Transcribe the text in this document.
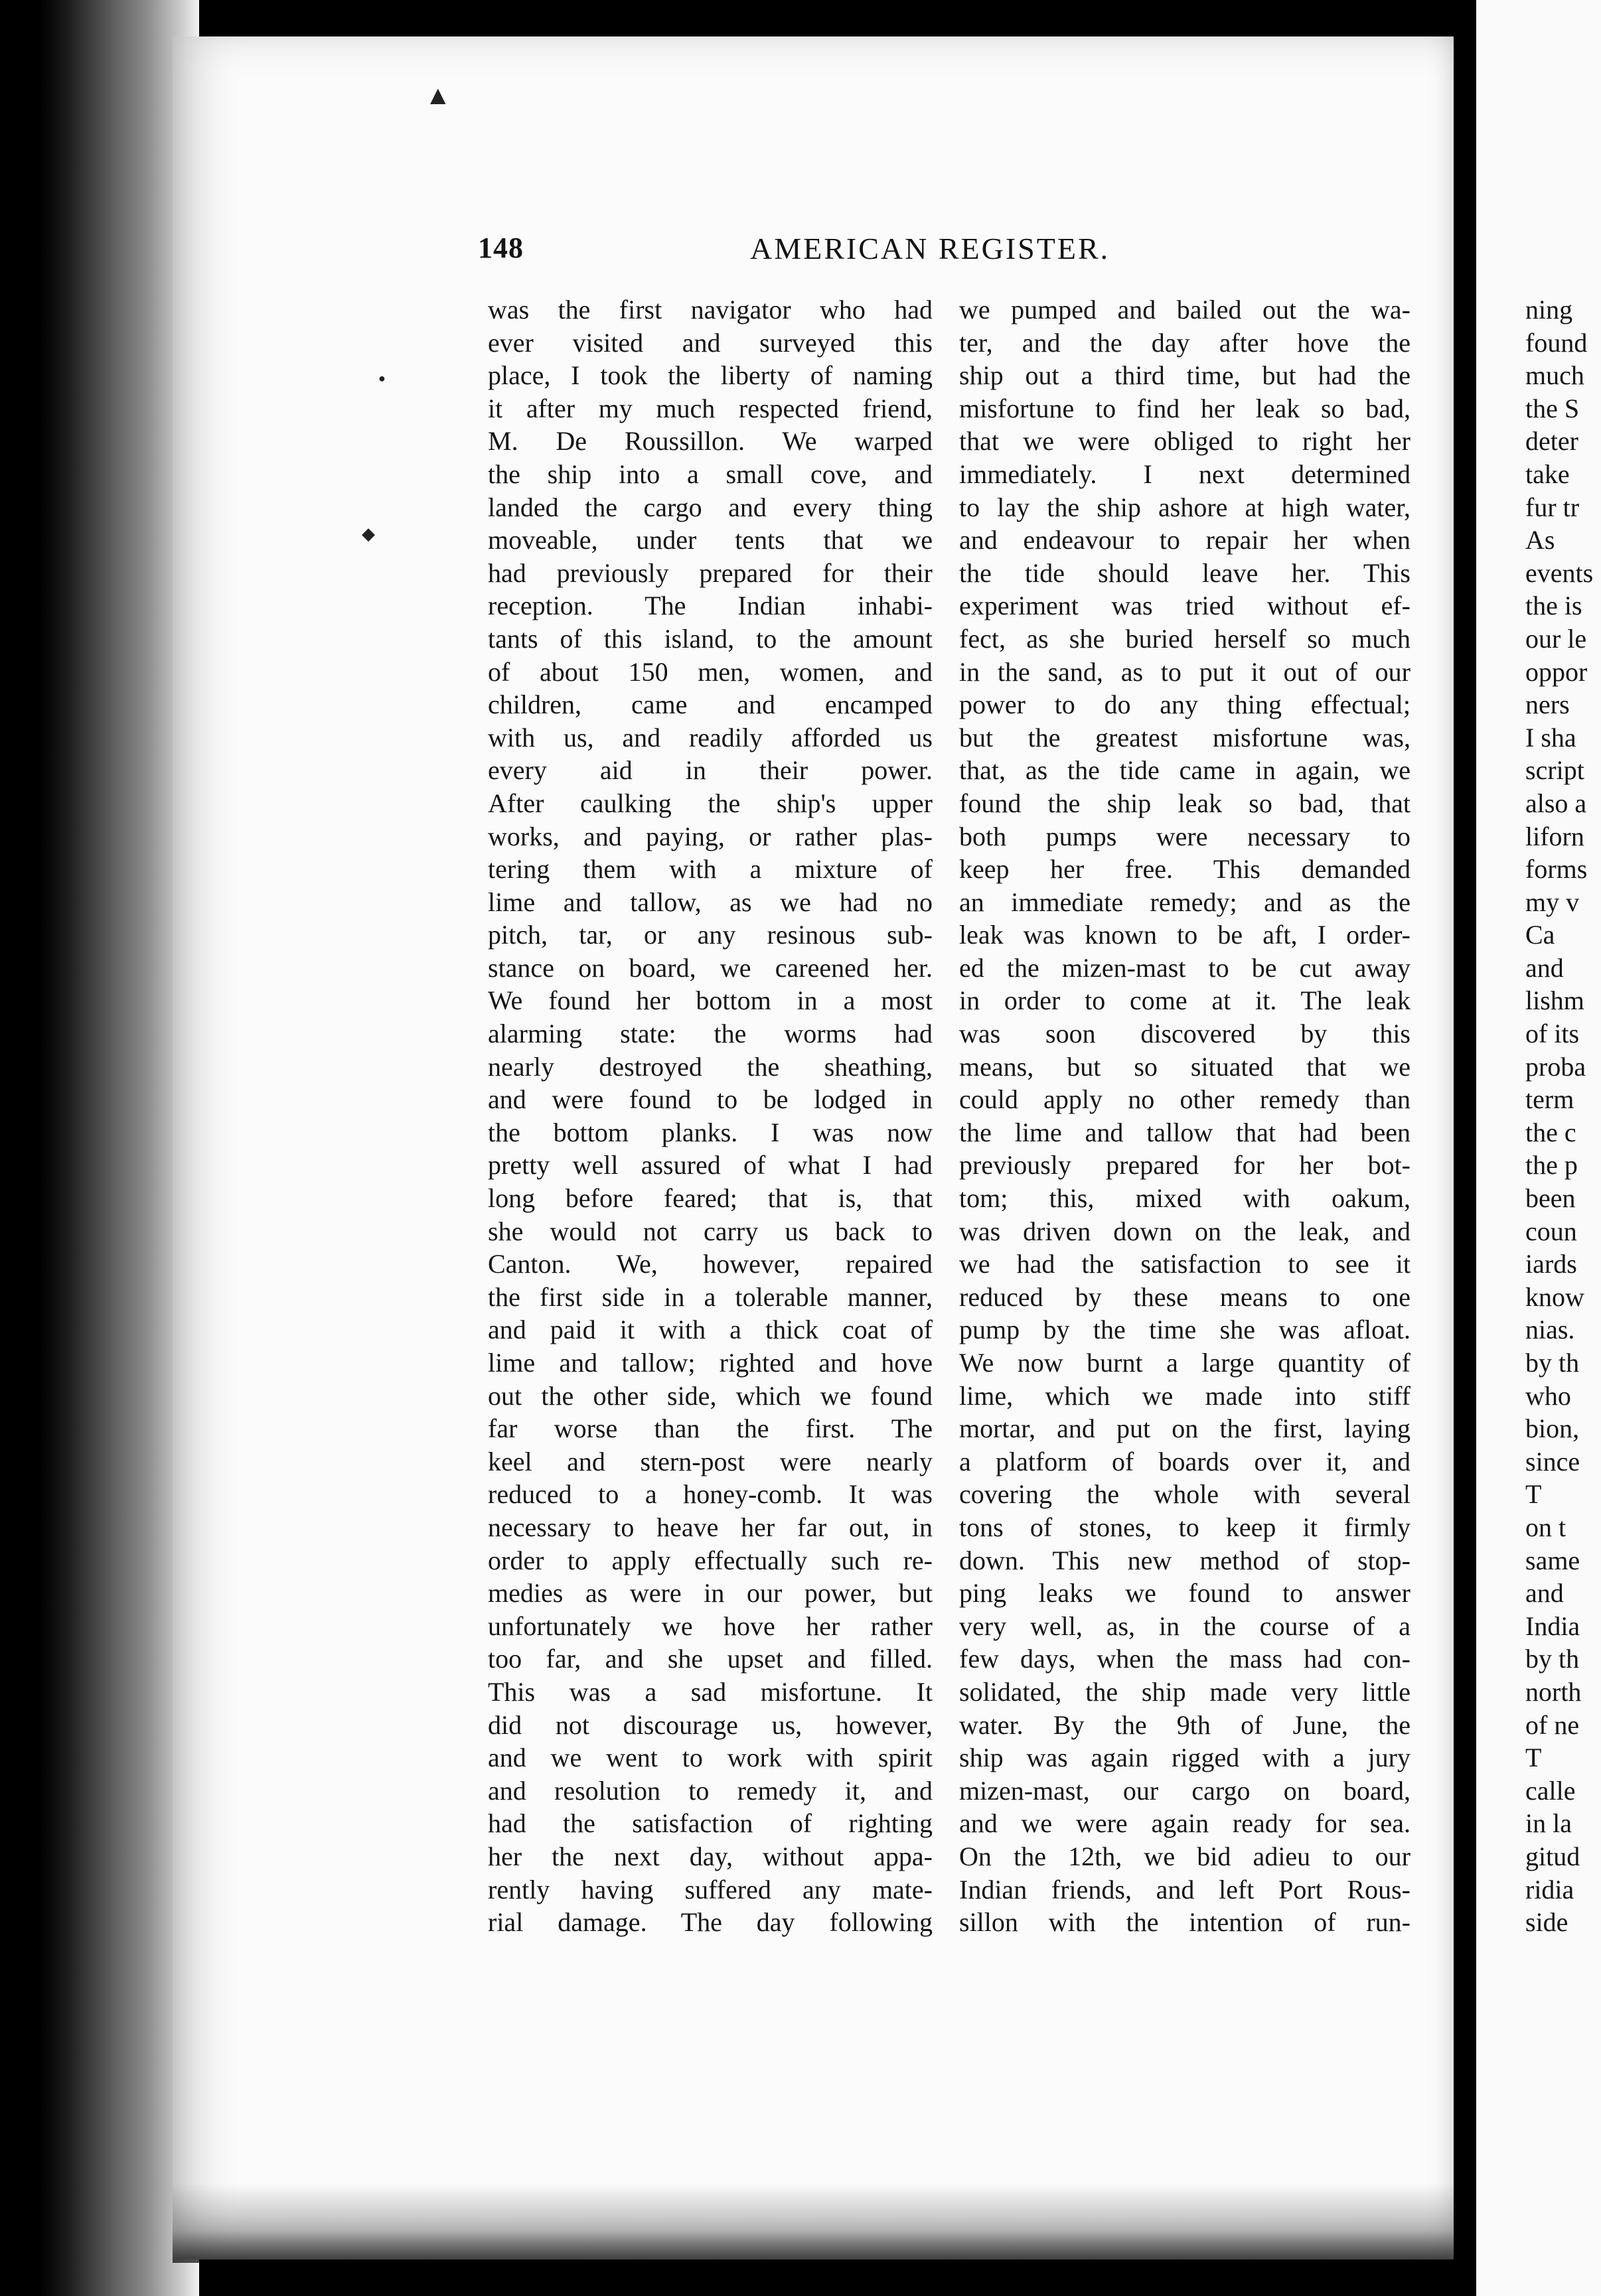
▲
●
◆
148	AMERICAN REGISTER.
was the first navigator who had
ever visited and surveyed this
place, I took the liberty of naming
it after my much respected friend,
M. De Roussillon. We warped
the ship into a small cove, and
landed the cargo and every thing
moveable, under tents that we
had previously prepared for their
reception. The Indian inhabi-
tants of this island, to the amount
of about 150 men, women, and
children, came and encamped
with us, and readily afforded us
every aid in their power.
After caulking the ship's upper
works, and paying, or rather plas-
tering them with a mixture of
lime and tallow, as we had no
pitch, tar, or any resinous sub-
stance on board, we careened her.
We found her bottom in a most
alarming state: the worms had
nearly destroyed the sheathing,
and were found to be lodged in
the bottom planks. I was now
pretty well assured of what I had
long before feared; that is, that
she would not carry us back to
Canton. We, however, repaired
the first side in a tolerable manner,
and paid it with a thick coat of
lime and tallow; righted and hove
out the other side, which we found
far worse than the first. The
keel and stern-post were nearly
reduced to a honey-comb. It was
necessary to heave her far out, in
order to apply effectually such re-
medies as were in our power, but
unfortunately we hove her rather
too far, and she upset and filled.
This was a sad misfortune. It
did not discourage us, however,
and we went to work with spirit
and resolution to remedy it, and
had the satisfaction of righting
her the next day, without appa-
rently having suffered any mate-
rial damage. The day following
we pumped and bailed out the wa-
ter, and the day after hove the
ship out a third time, but had the
misfortune to find her leak so bad,
that we were obliged to right her
immediately. I next determined
to lay the ship ashore at high water,
and endeavour to repair her when
the tide should leave her. This
experiment was tried without ef-
fect, as she buried herself so much
in the sand, as to put it out of our
power to do any thing effectual;
but the greatest misfortune was,
that, as the tide came in again, we
found the ship leak so bad, that
both pumps were necessary to
keep her free. This demanded
an immediate remedy; and as the
leak was known to be aft, I order-
ed the mizen-mast to be cut away
in order to come at it. The leak
was soon discovered by this
means, but so situated that we
could apply no other remedy than
the lime and tallow that had been
previously prepared for her bot-
tom; this, mixed with oakum,
was driven down on the leak, and
we had the satisfaction to see it
reduced by these means to one
pump by the time she was afloat.
We now burnt a large quantity of
lime, which we made into stiff
mortar, and put on the first, laying
a platform of boards over it, and
covering the whole with several
tons of stones, to keep it firmly
down. This new method of stop-
ping leaks we found to answer
very well, as, in the course of a
few days, when the mass had con-
solidated, the ship made very little
water. By the 9th of June, the
ship was again rigged with a jury
mizen-mast, our cargo on board,
and we were again ready for sea.
On the 12th, we bid adieu to our
Indian friends, and left Port Rous-
sillon with the intention of run-
ning
found
much
the S
deter
take
fur tr
As
events
the is
our le
oppor
ners
I sha
script
also a
liforn
forms
my v
Ca
and
lishm
of its
proba
term
the c
the p
been
coun
iards
know
nias.
by th
who
bion,
since
T
on t
same
and
India
by th
north
of ne
T
calle
in la
gitud
ridia
side
